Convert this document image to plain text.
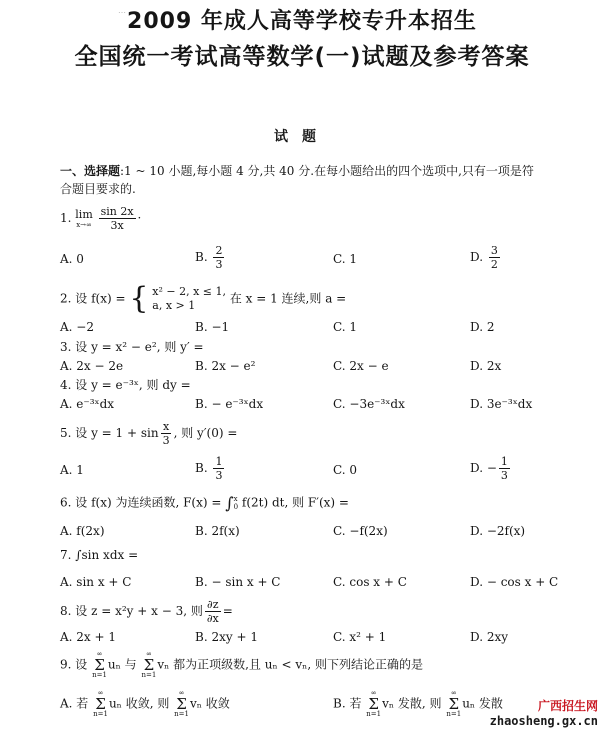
… 2009 年成人高等学校专升本招生
全国统一考试高等数学(一)试题及参考答案
试题
一、选择题:1 ~ 10 小题,每小题 4 分,共 40 分.在每小题给出的四个选项中,只有一项是符
合题目要求的.
1. lim
x→∞
$\frac{\sin 2x}{3x}$ ·
A. 0	B. $\frac{2}{3}$	C. 1	D. $\frac{3}{2}$
2. 设 f(x) = { x² − 2, x ≤ 1,
a, x > 1	在 x = 1 连续,则 a =
A. −2	B. −1	C. 1	D. 2
3. 设 y = x² − e², 则 y′ =
A. 2x − 2e	B. 2x − e²	C. 2x − e	D. 2x
4. 设 y = e⁻³ˣ, 则 dy =
A. e⁻³ˣdx	B. − e⁻³ˣdx	C. −3e⁻³ˣdx	D. 3e⁻³ˣdx
5. 设 $y = 1 + \sin \frac{x}{3}$ , 则 y′(0) =
A. 1	B. $\frac{1}{3}$	C. 0	D. − $\frac{1}{3}$
6. 设 f(x) 为连续函数, F(x) = ∫ x
0 f(2t) dt, 则 F′(x) =
A. f(2x)	B. 2f(x)	C. −f(2x)	D. −2f(x)
7. ∫sin xdx =
A. sin x + C	B. − sin x + C	C. cos x + C	D. − cos x + C
8. 设 z = x²y + x − 3, 则 $\frac{\partial z}{\partial x}$ =
A. 2x + 1	B. 2xy + 1	C. x² + 1	D. 2xy
9. 设
∞
Σ
n=1
uₙ 与
∞
Σ
n=1
vₙ 都为正项级数,且 uₙ < vₙ, 则下列结论正确的是
A. 若
∞
Σ
n=1
uₙ 收敛, 则
∞
Σ
n=1
vₙ 收敛	B. 若
∞
Σ
n=1
vₙ 发散, 则
∞
Σ
n=1
uₙ 发散	广西招生网
zhaosheng.gx.cn
